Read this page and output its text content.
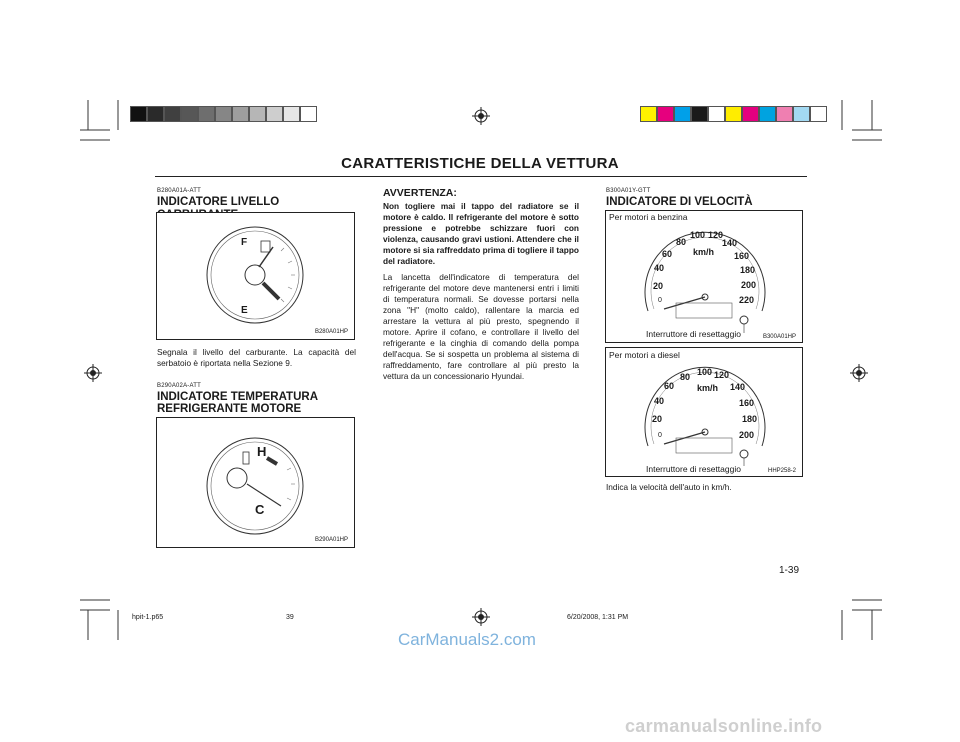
CARATTERISTICHE DELLA VETTURA
B280A01A-ATT
INDICATORE LIVELLO
F
E
B280A01HP
Segnala il livello del carburante. La capacità del serbatoio è riportata nella Sezione 9.
B290A02A-ATT
INDICATORE TEMPERATURA
REFRIGERANTE MOTORE
H
C
B290A01HP
AVVERTENZA:
Non togliere mai il tappo del radiatore se il motore è caldo. Il refrigerante del motore è sotto pressione e potrebbe schizzare fuori con violenza, causando gravi ustioni. Attendere che il motore si sia raffreddato prima di togliere il tappo del radiatore.
La lancetta dell'indicatore di temperatura del refrigerante del motore deve mantenersi entri i limiti di temperatura normali. Se dovesse portarsi nella zona "H" (molto caldo), rallentare la marcia ed arrestare la vettura al più presto, spegnendo il motore. Aprire il cofano, e controllare il livello del refrigerante e la cinghia di comando della pompa dell'acqua. Se si sospetta un problema al sistema di raffreddamento, fare controllare al più presto la vettura da un concessionario Hyundai.
B300A01Y-GTT
INDICATORE DI VELOCITÀ
Per motori a benzina
0
20
40
60
80
100 120
140
160
180
200
220
km/h
Interruttore di resettaggio	B300A01HP
Per motori a diesel
0
20
40
60
80 100 120
140
160
180
200
km/h
Interruttore di resettaggio	HHP258-2
Indica la velocità dell'auto in km/h.
1-39
hpit-1.p65	39	6/20/2008, 1:31 PM
CarManuals2.com
carmanualsonline.info
